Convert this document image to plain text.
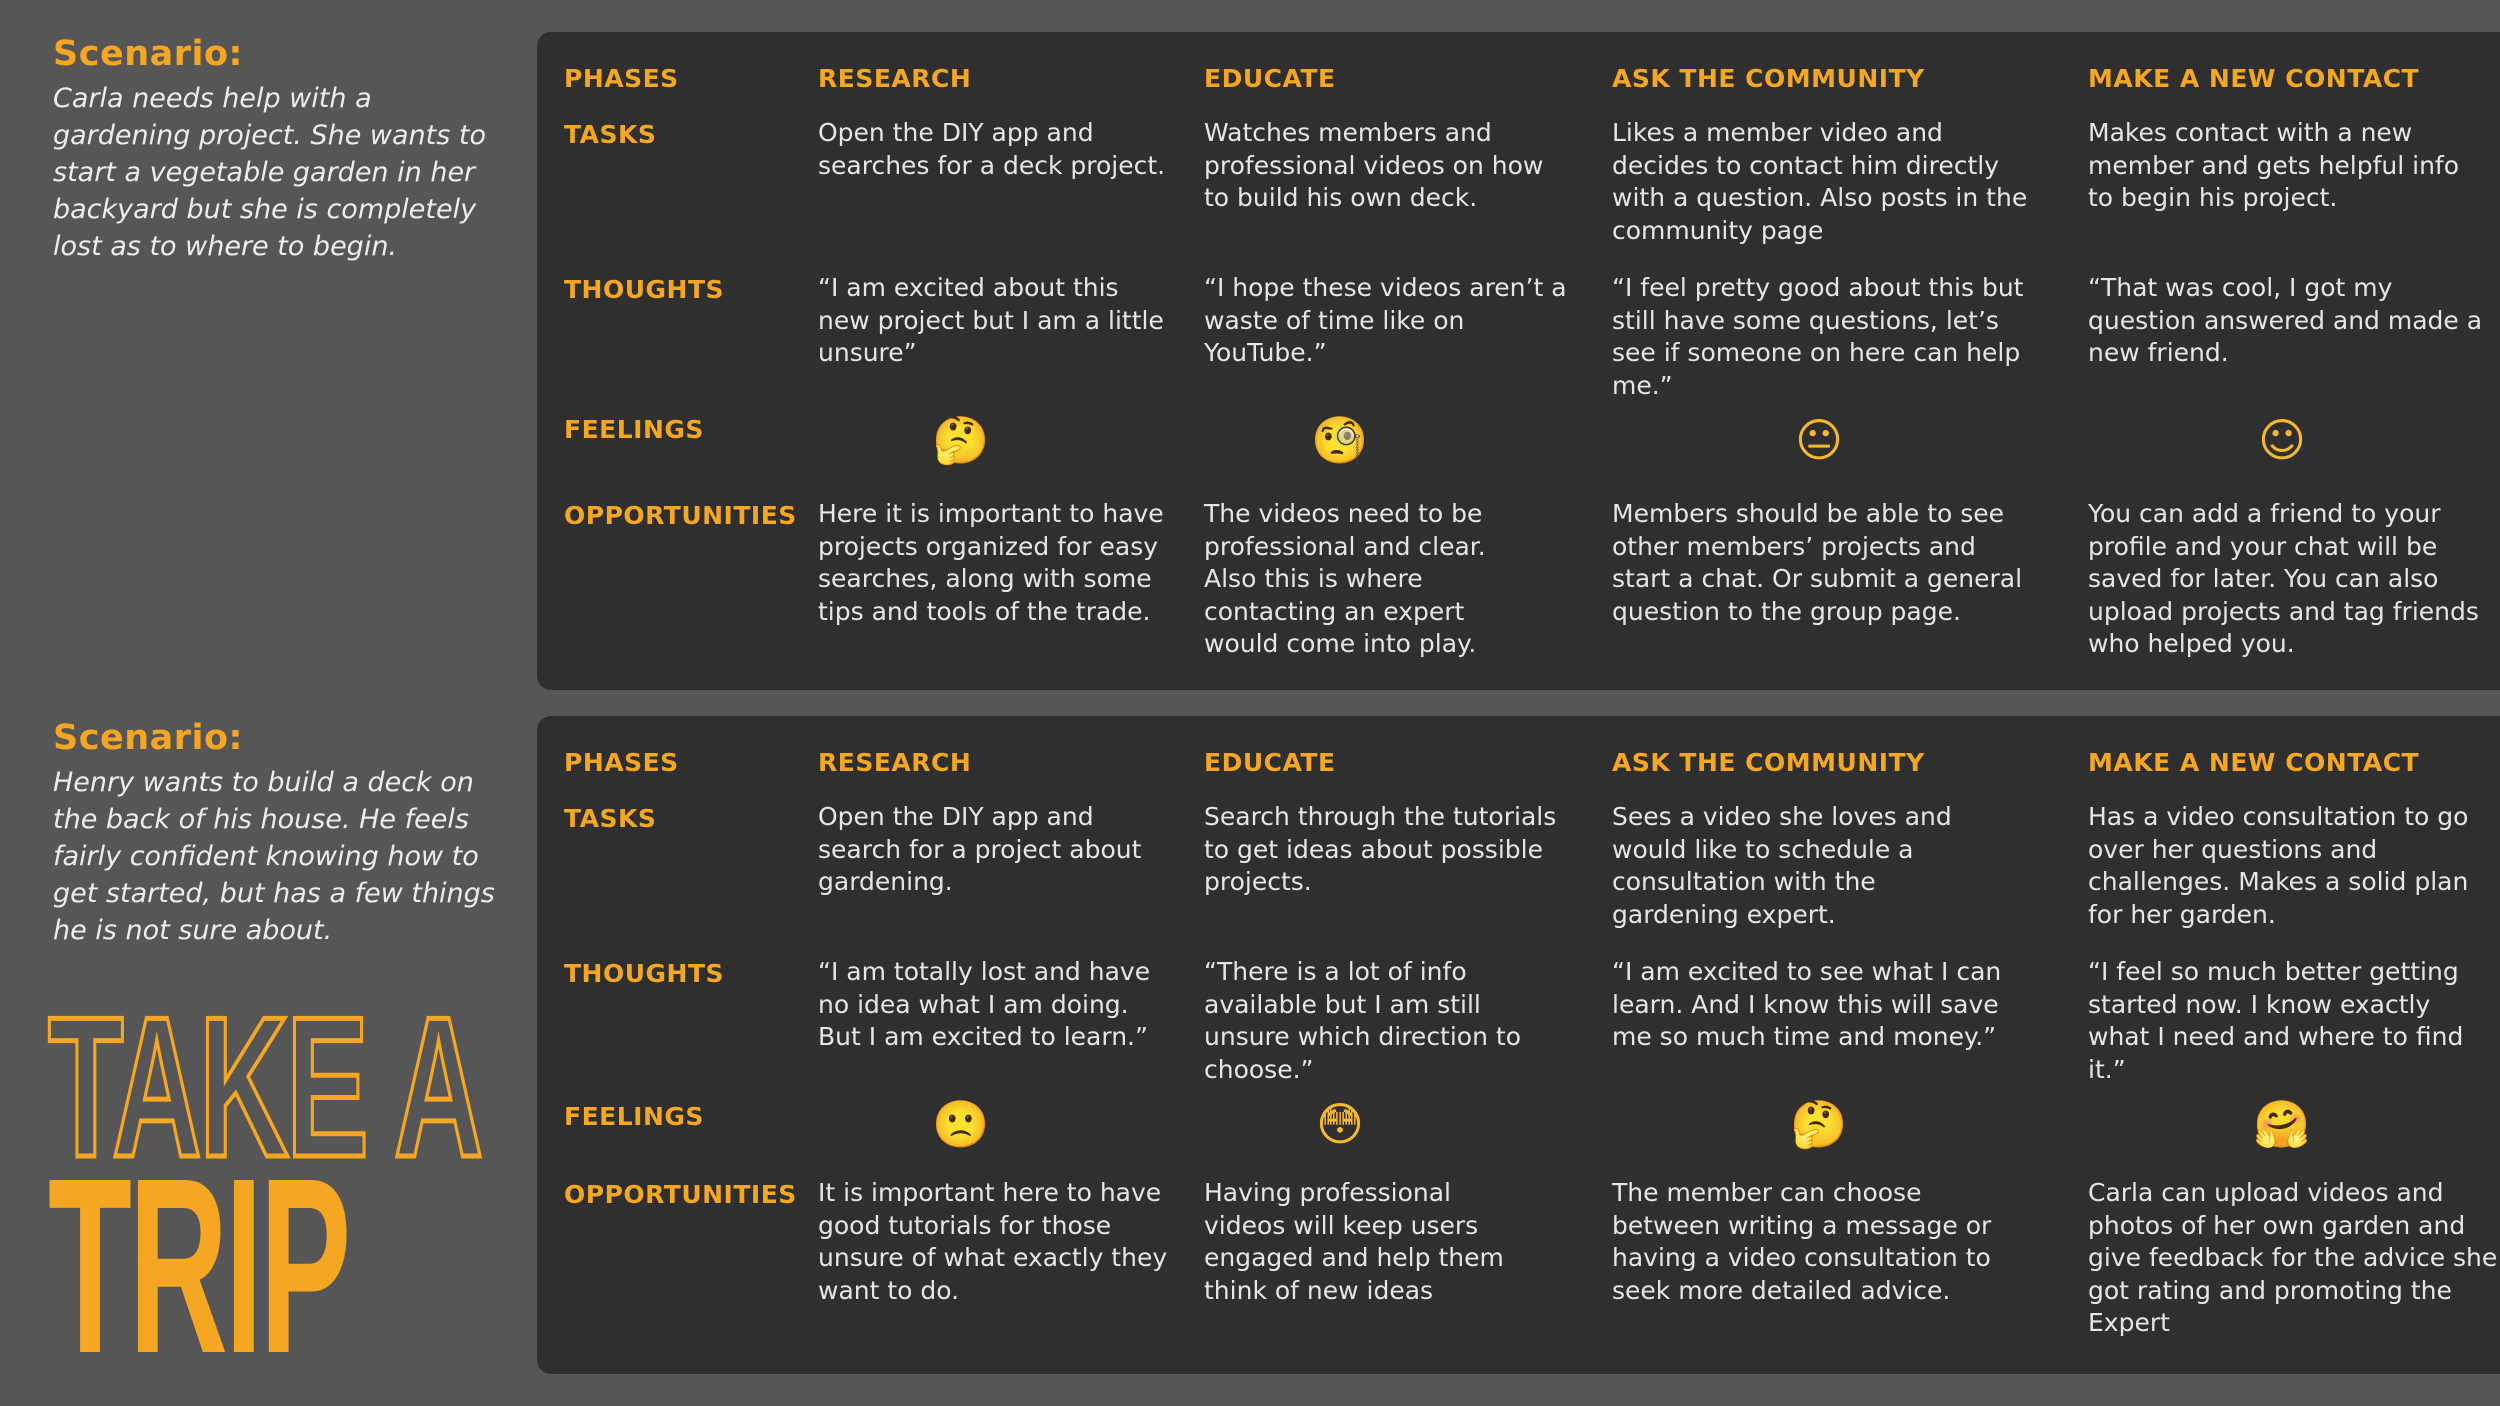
Scenario:

Carla needs help with a gardening project. She wants to start a vegetable garden in her backyard but she is completely lost as to where to begin.

Scenario:

Henry wants to build a deck on the back of his house. He feels fairly confident knowing how to get started, but has a few things he is not sure about.

PHASES
TASKS
THOUGHTS
FEELINGS
OPPORTUNITIES
RESEARCH
Open the DIY app and searches for a deck project.
“I am excited about this new project but I am a little unsure”
🤔
Here it is important to have projects organized for easy searches, along with some tips and tools of the trade.
EDUCATE
Watches members and professional videos on how to build his own deck.
“I hope these videos aren’t a waste of time like on YouTube.”
🧐
The videos need to be professional and clear. Also this is where contacting an expert would come into play.
ASK THE COMMUNITY
Likes a member video and decides to contact him directly with a question. Also posts in the community page
“I feel pretty good about this but still have some questions, let’s see if someone on here can help me.”
😐
Members should be able to see other members’ projects and start a chat. Or submit a general question to the group page.
MAKE A NEW CONTACT
Makes contact with a new member and gets helpful info to begin his project.
“That was cool, I got my question answered and made a new friend.
☺
You can add a friend to your profile and your chat will be saved for later. You can also upload projects and tag friends who helped you.
PHASES
TASKS
THOUGHTS
FEELINGS
OPPORTUNITIES
RESEARCH
Open the DIY app and search for a project about gardening.
“I am totally lost and have no idea what I am doing. But I am excited to learn.”
🙁
It is important here to have good tutorials for those unsure of what exactly they want to do.
EDUCATE
Search through the tutorials to get ideas about possible projects.
“There is a lot of info available but I am still unsure which direction to choose.”
😳
Having professional videos will keep users engaged and help them think of new ideas
ASK THE COMMUNITY
Sees a video she loves and would like to schedule a consultation with the gardening expert.
“I am excited to see what I can learn. And I know this will save me so much time and money.”
🤔
The member can choose between writing a message or having a video consultation to seek more detailed advice.
MAKE A NEW CONTACT
Has a video consultation to go over her questions and challenges. Makes a solid plan for her garden.
“I feel so much better getting started now. I know exactly what I need and where to find it.”
🤗
Carla can upload videos and photos of her own garden and give feedback for the advice she got rating and promoting the Expert
TAKE A
TRIP
